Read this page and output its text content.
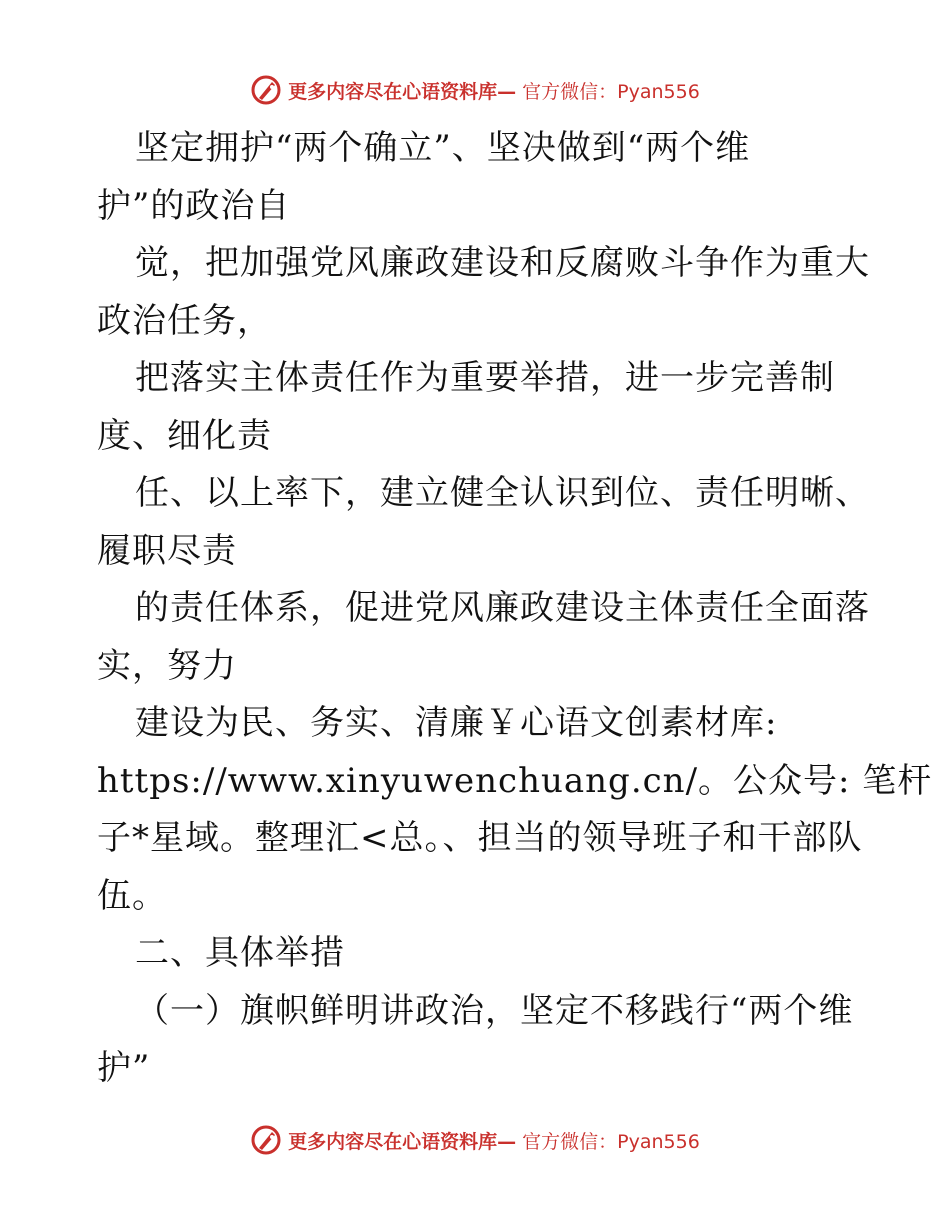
更多内容尽在心语资料库— 官方微信：Pyan556
坚定拥护“两个确立”、坚决做到“两个维
护”的政治自
觉，把加强党风廉政建设和反腐败斗争作为重大
政治任务，
把落实主体责任作为重要举措，进一步完善制
度、细化责
任、以上率下，建立健全认识到位、责任明晰、
履职尽责
的责任体系，促进党风廉政建设主体责任全面落
实，努力
建设为民、务实、清廉￥心语文创素材库:
https://www.xinyuwenchuang.cn/。公众号: 笔杆
子*星域。整理汇<总。、担当的领导班子和干部队
伍。
二、具体举措
（一）旗帜鲜明讲政治，坚定不移践行“两个维
护”
更多内容尽在心语资料库— 官方微信：Pyan556
